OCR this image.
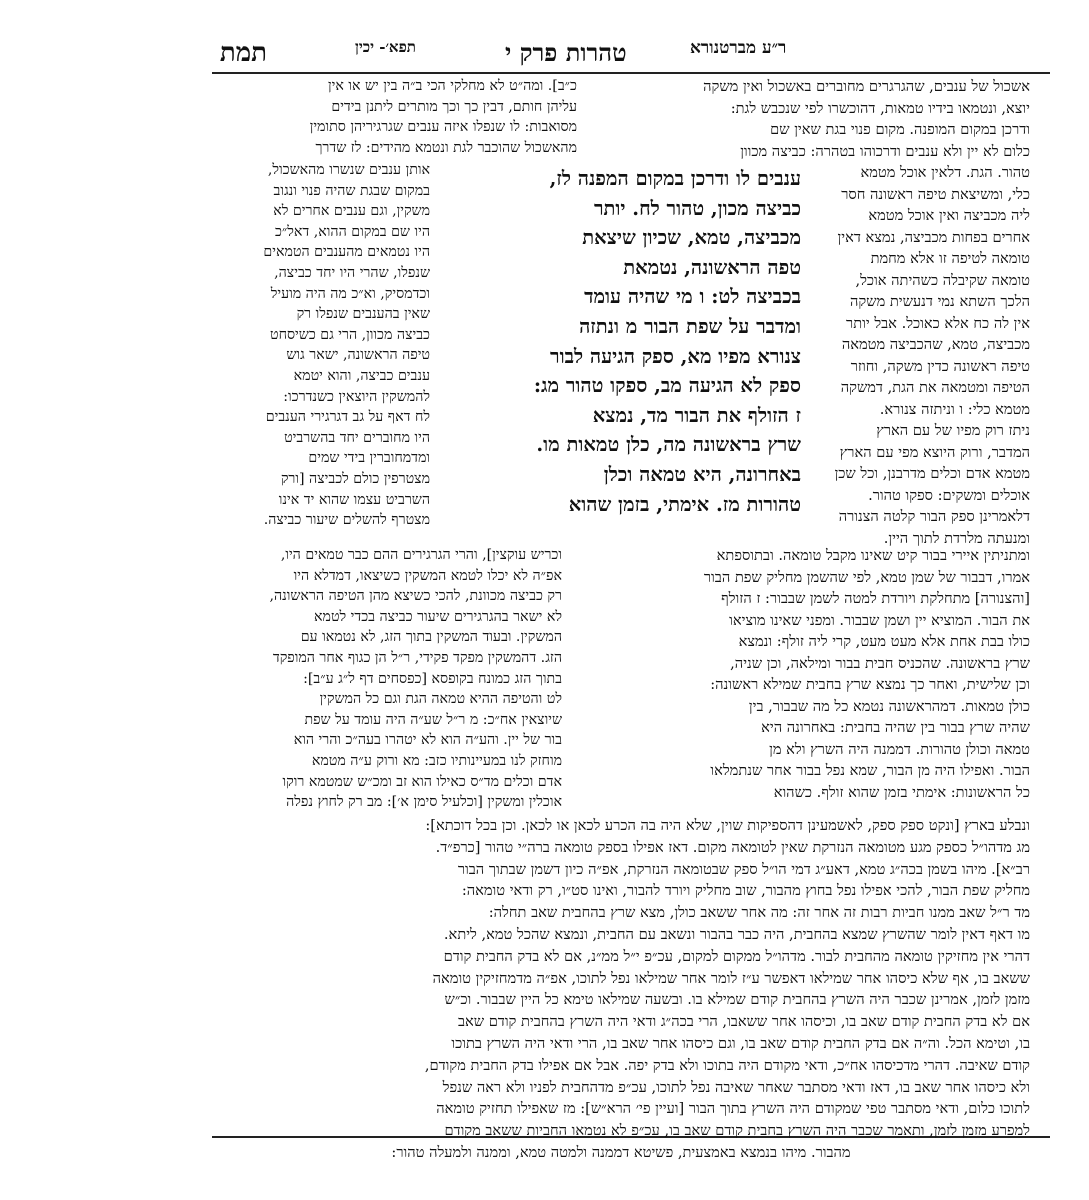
תמת	תפא׳- יכין	טהרות פרק י	ר״ע מברטנורא

אשכול של ענבים, שהגרגרים מחוברים באשכול ואין משקה

יוצא, ונטמאו בידיו טמאות, דהוכשרו לפי שנכבש לגת:

ודרכן במקום המופנה. מקום פנוי בגת שאין שם

כלום לא יין ולא ענבים ודרכוהו בטהרה: כביצה מכוון

טהור. הגת. דלאין אוכל מטמא

כלי, ומשיצאת טיפה ראשונה חסר

ליה מכביצה ואין אוכל מטמא

אחרים בפחות מכביצה, נמצא דאין

טומאה לטיפה זו אלא מחמת

טומאה שקיבלה כשהיתה אוכל,

הלכך השתא נמי דנעשית משקה

אין לה כח אלא כאוכל. אבל יותר

מכביצה, טמא, שהכביצה מטמאה

טיפה ראשונה כדין משקה, וחוזר

הטיפה ומטמאה את הגת, דמשקה

מטמא כלי: ו וניתזה צנורא.

ניתז רוק מפיו של עם הארץ

המדבר, ורוק היוצא מפי עם הארץ

מטמא אדם וכלים מדרבנן, וכל שכן

אוכלים ומשקים: ספקו טהור.

דלאמרינן ספק הבור קלטה הצנורה

ומנעתה מלרדת לתוך היין.

ומתניתין איירי בבור קיט שאינו מקבל טומאה. ובתוספתא

אמרו, דבבור של שמן טמא, לפי שהשמן מחליק שפת הבור

[והצנורה] מתחלקת ויורדת למטה לשמן שבבור: ז הזולף

את הבור. המוציא יין ושמן שבבור. ומפני שאינו מוציאו

כולו בבת אחת אלא מעט מעט, קרי ליה זולף: ונמצא

שרץ בראשונה. שהכניס חבית בבור ומילאה, וכן שניה,

וכן שלישית, ואחר כך נמצא שרץ בחבית שמילא ראשונה:

כולן טמאות. דמהראשונה נטמא כל מה שבבור, בין

שהיה שרץ בבור בין שהיה בחבית: באחרונה היא

טמאה וכולן טהורות. דממנה היה השרץ ולא מן

הבור. ואפילו היה מן הבור, שמא נפל בבור אחר שנתמלאו

כל הראשונות: אימתי בזמן שהוא זולף. כשהוא

ענבים לו ודרכן במקום המפנה לז,

כביצה מכון, טהור לח. יותר

מכביצה, טמא, שכיון שיצאת

טפה הראשונה, נטמאת

בכביצה לט: ו מי שהיה עומד

ומדבר על שפת הבור מ ונתזה

צנורא מפיו מא, ספק הגיעה לבור

ספק לא הגיעה מב, ספקו טהור מג:

ז הזולף את הבור מד, נמצא

שרץ בראשונה מה, כלן טמאות מו.

באחרונה, היא טמאה וכלן

טהורות מז. אימתי, בזמן שהוא

כ״ב]. ומה״ט לא מחלקי הכי ב״ה בין יש או אין

עליהן חותם, דבין כך וכך מותרים ליתנן בידים

מסואבות: לו שנפלו איזה ענבים שגרגיריהן סתומין

מהאשכול שהוכבר לגת ונטמא מהידים: לז שדרך

אותן ענבים שנשרו מהאשכול,

במקום שבגת שהיה פנוי ונגוב

משקין, וגם ענבים אחרים לא

היו שם במקום ההוא, דאל״כ

היו נטמאים מהענבים הטמאים

שנפלו, שהרי היו יחד כביצה,

וכדמסיק, וא״כ מה היה מועיל

שאין בהענבים שנפלו רק

כביצה מכוון, הרי גם כשיסחט

טיפה הראשונה, ישאר גוש

ענבים כביצה, והוא יטמא

להמשקין היוצאין כשנדרכו:

לח דאף על גב דגרגירי הענבים

היו מחוברים יחד בהשרביט

ומדמחוברין בידי שמים

מצטרפין כולם לכביצה [ורק

השרביט עצמו שהוא יד אינו

מצטרף להשלים שיעור כביצה.

וכריש עוקצין], והרי הגרגירים ההם כבר טמאים היו,

אפ״ה לא יכלו לטמא המשקין כשיצאו, דמדלא היו

רק כביצה מכוונת, להכי כשיצא מהן הטיפה הראשונה,

לא ישאר בהגרגירים שיעור כביצה בכדי לטמא

המשקין. ובעוד המשקין בתוך הזג, לא נטמאו עם

הזג. דהמשקין מפקד פקידי, ר״ל הן כגוף אחר המופקד

בתוך הזג כמונח בקופסא [כפסחים דף ל״ג ע״ב]:

לט והטיפה ההיא טמאה הגת וגם כל המשקין

שיוצאין אח״כ: מ ר״ל שע״ה היה עומד על שפת

בור של יין. והע״ה הוא לא יטהרו בעה״כ והרי הוא

מוחזק לנו במעיינותיו כזב: מא ורוק ע״ה מטמא

אדם וכלים מד״ס כאילו הוא זב ומכ״ש שמטמא רוקו

אוכלין ומשקין [וכלעיל סימן א׳]: מב רק לחוץ נפלה

ונבלע בארץ [ונקט ספק ספק, לאשמעינן דהספיקות שוין, שלא היה בה הכרע לכאן או לכאן. וכן בכל דוכתא]:

מג מדהו״ל כספק מגע מטומאה הנזרקת שאין לטומאה מקום. דאז אפילו בספק טומאה ברה״י טהור [כרפ״ד.

רב״א]. מיהו בשמן בכה״ג טמא, דאע״ג דמי הו״ל ספק שבטומאה הנזרקת, אפ״ה כיון דשמן שבתוך הבור

מחליק שפת הבור, להכי אפילו נפל בחוץ מהבור, שוב מחליק ויורד להבור, ואינו סט״ו, רק ודאי טומאה:

מד ר״ל שאב ממנו חביות רבות זה אחר זה: מה אחר ששאב כולן, מצא שרץ בהחבית שאב תחלה:

מו דאף דאין לומר שהשרץ שמצא בהחבית, היה כבר בהבור ונשאב עם החבית, ונמצא שהכל טמא, ליתא.

דהרי אין מחזיקין טומאה מהחבית לבור. מדהו״ל ממקום למקום, עכ״פ י״ל ממ״נ, אם לא בדק החבית קודם

ששאב בו, אף שלא כיסהו אחר שמילאו דאפשר ע״ז לומר אחר שמילאו נפל לתוכו, אפ״ה מדמחזיקין טומאה

מזמן לזמן, אמרינן שכבר היה השרץ בהחבית קודם שמילא בו. ובשעה שמילאו טימא כל היין שבבור. וכ״ש

אם לא בדק החבית קודם שאב בו, וכיסהו אחר ששאבו, הרי בכה״ג ודאי היה השרץ בהחבית קודם שאב

בו, וטימא הכל. וה״ה אם בדק החבית קודם שאב בו, וגם כיסהו אחר שאב בו, הרי ודאי היה השרץ בתוכו

קודם שאיבה. דהרי מדכיסהו אח״כ, ודאי מקודם היה בתוכו ולא בדק יפה. אבל אם אפילו בדק החבית מקודם,

ולא כיסהו אחר שאב בו, דאז ודאי מסתבר שאחר שאיבה נפל לתוכו, עכ״פ מדהחבית לפניו ולא ראה שנפל

לתוכו כלום, ודאי מסתבר טפי שמקודם היה השרץ בתוך הבור [ועיין פי׳ הרא״ש]: מז שאפילו תחזיק טומאה

למפרע מזמן לזמן, ותאמר שכבר היה השרץ בחבית קודם שאב בו, עכ״פ לא נטמאו החביות ששאב מקודם

מהבור. מיהו בנמצא באמצעית, פשיטא דממנה ולמטה טמא, וממנה ולמעלה טהור:
